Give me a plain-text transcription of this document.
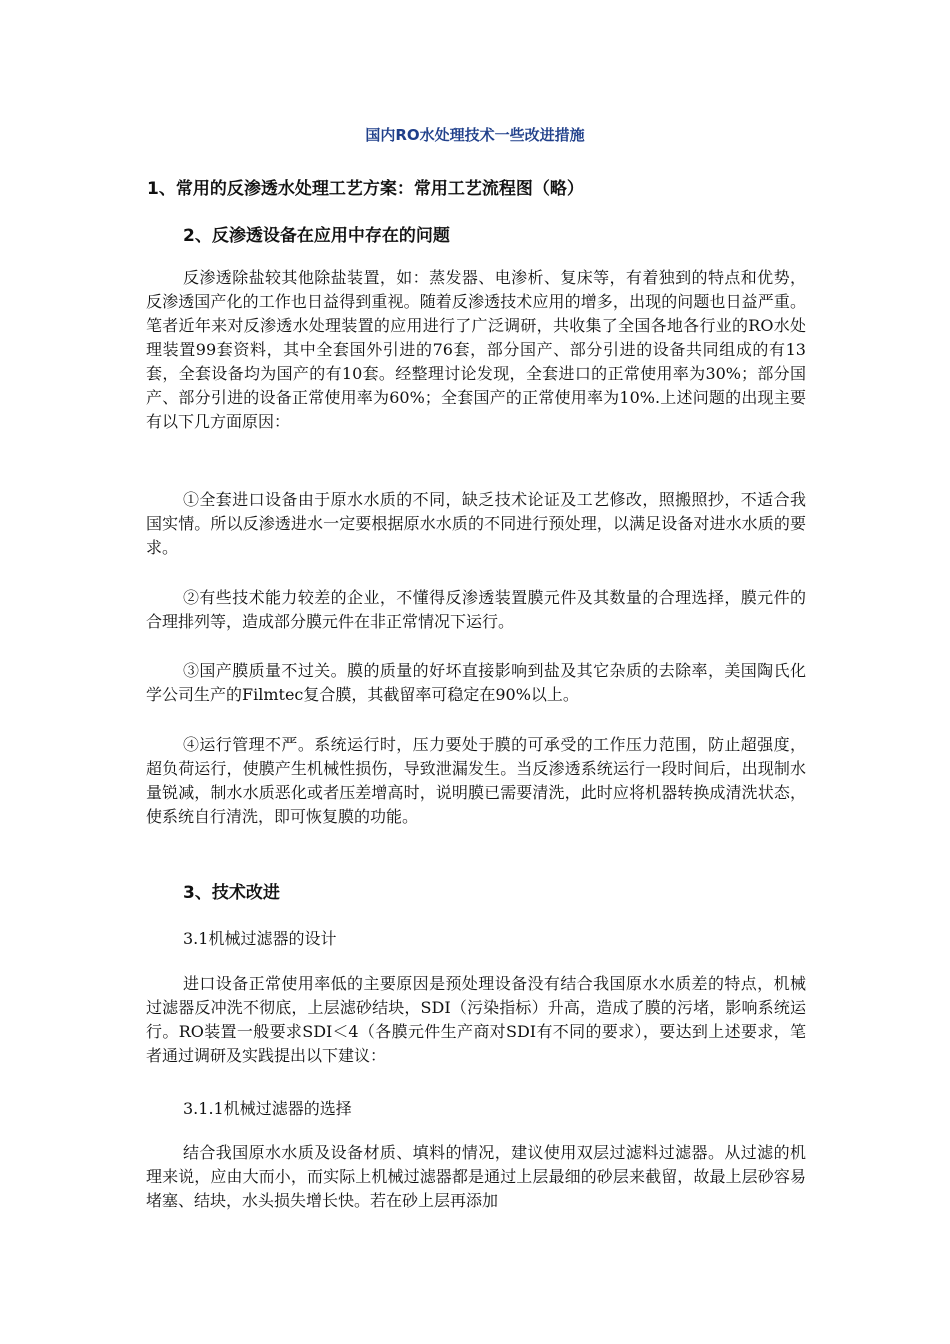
国内RO水处理技术一些改进措施
1、常用的反渗透水处理工艺方案：常用工艺流程图（略）
2、反渗透设备在应用中存在的问题

反渗透除盐较其他除盐装置，如：蒸发器、电渗析、复床等，有着独到的特点和优势，反渗透国产化的工作也日益得到重视。随着反渗透技术应用的增多，出现的问题也日益严重。笔者近年来对反渗透水处理装置的应用进行了广泛调研，共收集了全国各地各行业的RO水处理装置99套资料，其中全套国外引进的76套，部分国产、部分引进的设备共同组成的有13套，全套设备均为国产的有10套。经整理讨论发现，全套进口的正常使用率为30%；部分国产、部分引进的设备正常使用率为60%；全套国产的正常使用率为10%.上述问题的出现主要有以下几方面原因：

①全套进口设备由于原水水质的不同，缺乏技术论证及工艺修改，照搬照抄，不适合我国实情。所以反渗透进水一定要根据原水水质的不同进行预处理，以满足设备对进水水质的要求。

②有些技术能力较差的企业，不懂得反渗透装置膜元件及其数量的合理选择，膜元件的合理排列等，造成部分膜元件在非正常情况下运行。

③国产膜质量不过关。膜的质量的好坏直接影响到盐及其它杂质的去除率，美国陶氏化学公司生产的Filmtec复合膜，其截留率可稳定在90%以上。

④运行管理不严。系统运行时，压力要处于膜的可承受的工作压力范围，防止超强度，超负荷运行，使膜产生机械性损伤，导致泄漏发生。当反渗透系统运行一段时间后，出现制水量锐减，制水水质恶化或者压差增高时，说明膜已需要清洗，此时应将机器转换成清洗状态，使系统自行清洗，即可恢复膜的功能。

3、技术改进
3.1机械过滤器的设计

进口设备正常使用率低的主要原因是预处理设备没有结合我国原水水质差的特点，机械过滤器反冲洗不彻底，上层滤砂结块，SDI（污染指标）升高，造成了膜的污堵，影响系统运行。RO装置一般要求SDI＜4（各膜元件生产商对SDI有不同的要求），要达到上述要求，笔者通过调研及实践提出以下建议：

3.1.1机械过滤器的选择

结合我国原水水质及设备材质、填料的情况，建议使用双层过滤料过滤器。从过滤的机理来说，应由大而小，而实际上机械过滤器都是通过上层最细的砂层来截留，故最上层砂容易堵塞、结块，水头损失增长快。若在砂上层再添加
